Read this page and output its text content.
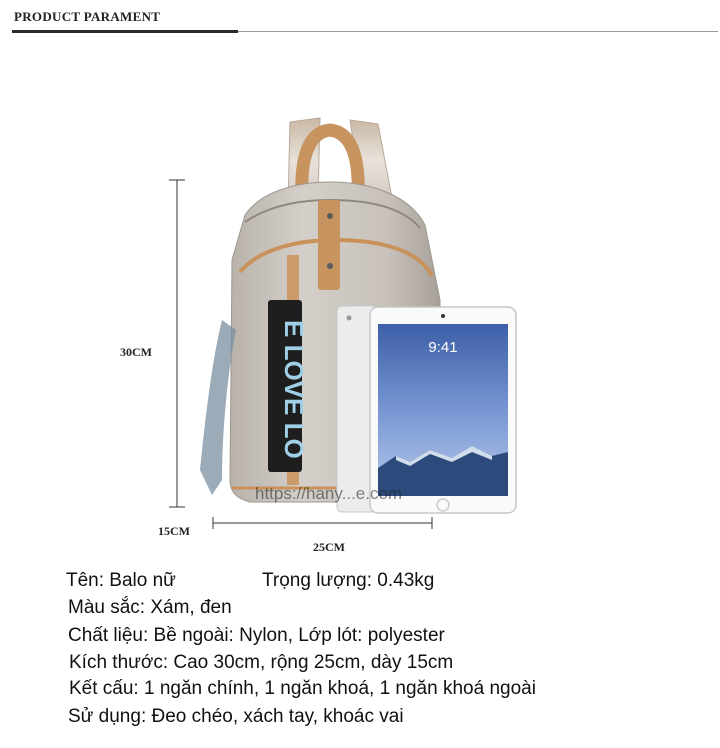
PRODUCT PARAMENT
30CM
15CM
25CM
E LOVE LO	9:41
https://hany...e.com
Tên: Balo nữ	Trọng lượng: 0.43kg
Màu sắc: Xám, đen
Chất liệu: Bề ngoài: Nylon, Lớp lót: polyester
Kích thước: Cao 30cm, rộng 25cm, dày 15cm
Kết cấu: 1 ngăn chính, 1 ngăn khoá, 1 ngăn khoá ngoài
Sử dụng: Đeo chéo, xách tay, khoác vai
